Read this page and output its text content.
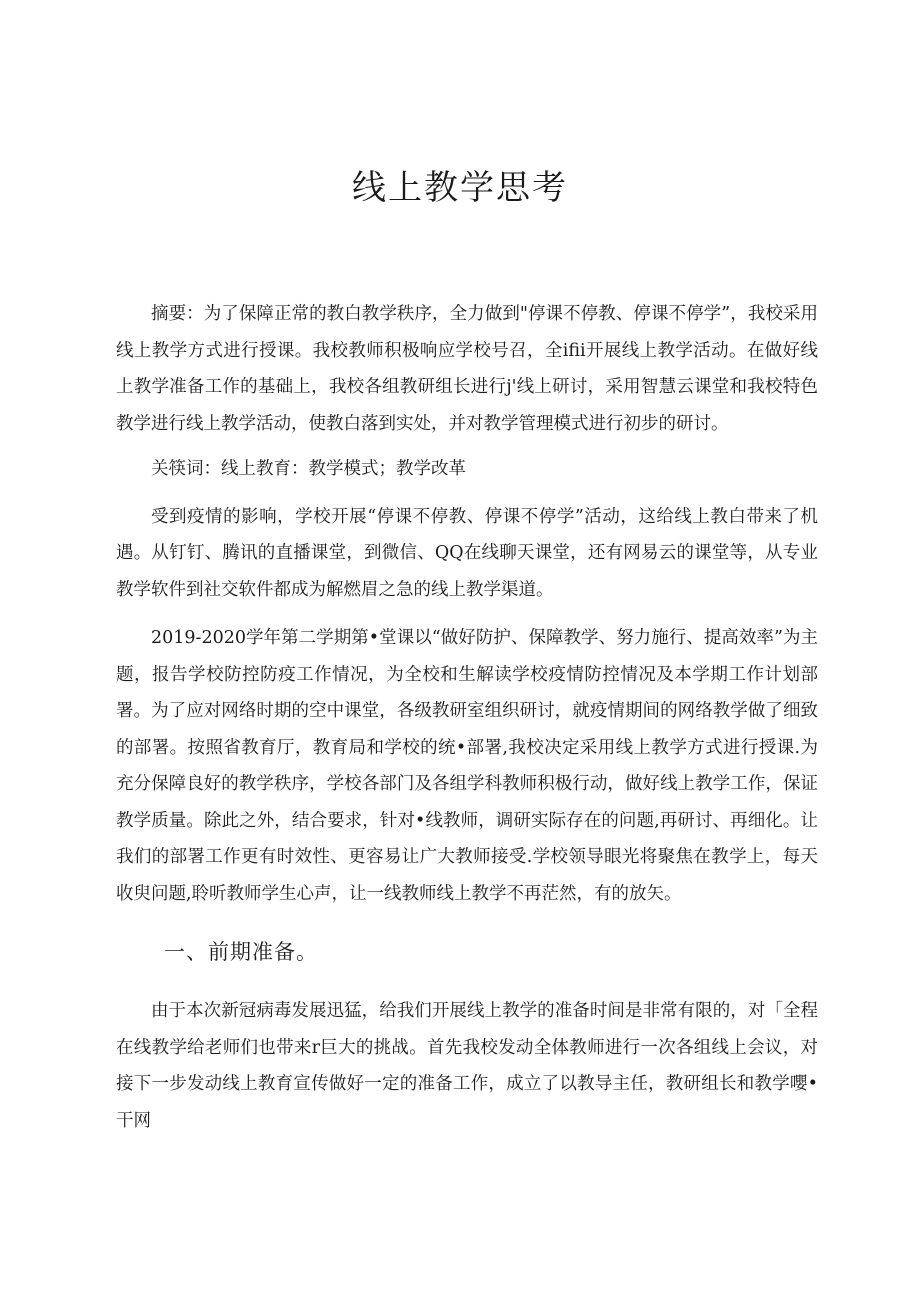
线上教学思考

摘要：为了保障正常的教白教学秩序，全力做到"停课不停教、停课不停学”，我校采用线上教学方式进行授课。我校教师积极响应学校号召，全ifii开展线上教学活动。在做好线上教学准备工作的基础上，我校各组教研组长进行j'线上研讨，采用智慧云课堂和我校特色教学进行线上教学活动，使教白落到实处，并对教学管理模式进行初步的研讨。

关筷词：线上教育：教学模式；教学改革

受到疫情的影响，学校开展“停课不停教、停课不停学”活动，这给线上教白带来了机遇。从钉钉、腾讯的直播课堂，到微信、QQ在线聊天课堂，还有网易云的课堂等，从专业教学软件到社交软件都成为解燃眉之急的线上教学渠道。

2019-2020学年第二学期第•堂课以“做好防护、保障教学、努力施行、提高效率”为主题，报告学校防控防疫工作情况，为全校和生解读学校疫情防控情况及本学期工作计划部署。为了应对网络时期的空中课堂，各级教研室组织研讨，就疫情期间的网络教学做了细致的部署。按照省教育厅，教育局和学校的统•部署,我校决定采用线上教学方式进行授课.为充分保障良好的教学秩序，学校各部门及各组学科教师积极行动，做好线上教学工作，保证教学质量。除此之外，结合要求，针对•线教师，调研实际存在的问题,再研讨、再细化。让我们的部署工作更有时效性、更容易让广大教师接受.学校领导眼光将聚焦在教学上，每天收臾问题,聆听教师学生心声，让一线教师线上教学不再茫然，有的放矢。

一、前期准备。

由于本次新冠病毒发展迅猛，给我们开展线上教学的准备时间是非常有限的，对「全程在线教学给老师们也带来r巨大的挑战。首先我校发动全体教师进行一次各组线上会议，对接下一步发动线上教育宣传做好一定的准备工作，成立了以教导主任，教研组长和教学嚶•干网
